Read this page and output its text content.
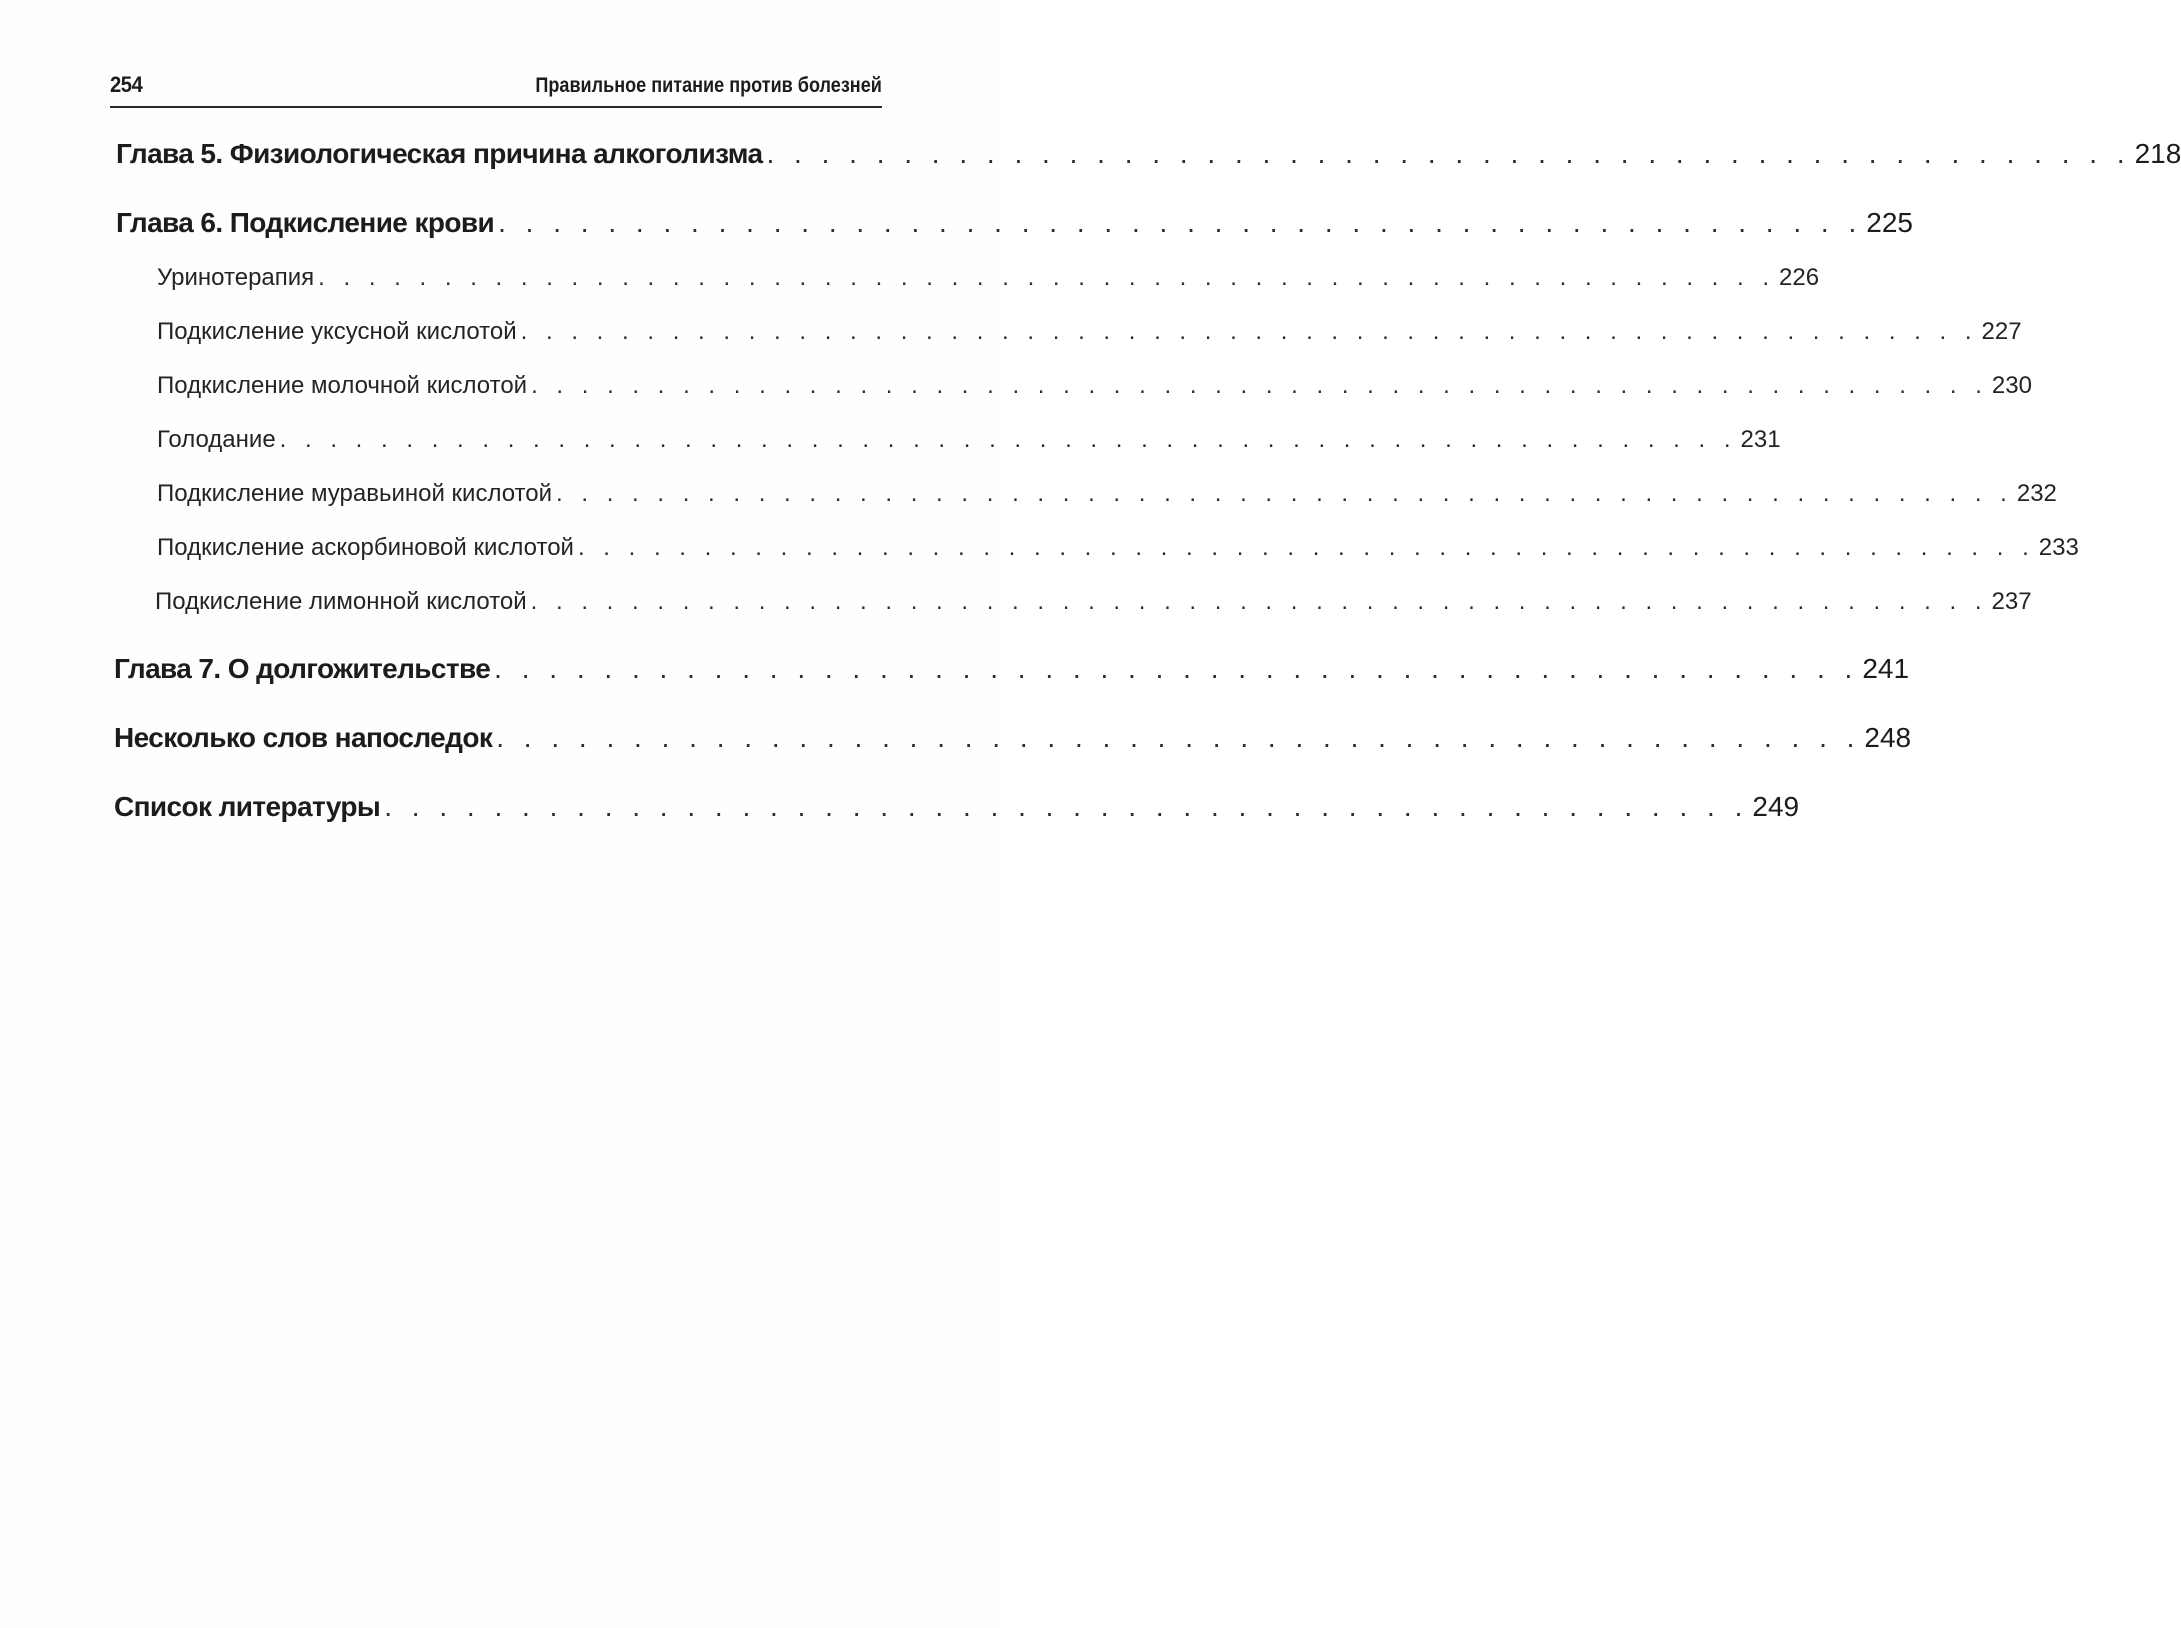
254	Правильное питание против болезней
Глава 5. Физиологическая причина алкоголизма . . . . . . . . . . . . . . . . . . . . . . . . . . . . . . . . . . . . . . . . . . . . . . . . . . 218
Глава 6. Подкисление крови . . . . . . . . . . . . . . . . . . . . . . . . . . . . . . . . . . . . . . . . . . . . . . . . . . 225
Уринотерапия . . . . . . . . . . . . . . . . . . . . . . . . . . . . . . . . . . . . . . . . . . . . . . . . . . . . . . . . . . 226
Подкисление уксусной кислотой . . . . . . . . . . . . . . . . . . . . . . . . . . . . . . . . . . . . . . . . . . . . . . . . . . . . . . . . . . 227
Подкисление молочной кислотой . . . . . . . . . . . . . . . . . . . . . . . . . . . . . . . . . . . . . . . . . . . . . . . . . . . . . . . . . . 230
Голодание . . . . . . . . . . . . . . . . . . . . . . . . . . . . . . . . . . . . . . . . . . . . . . . . . . . . . . . . . . 231
Подкисление муравьиной кислотой . . . . . . . . . . . . . . . . . . . . . . . . . . . . . . . . . . . . . . . . . . . . . . . . . . . . . . . . . . 232
Подкисление аскорбиновой кислотой . . . . . . . . . . . . . . . . . . . . . . . . . . . . . . . . . . . . . . . . . . . . . . . . . . . . . . . . . . 233
Подкисление лимонной кислотой . . . . . . . . . . . . . . . . . . . . . . . . . . . . . . . . . . . . . . . . . . . . . . . . . . . . . . . . . . 237
Глава 7. О долгожительстве . . . . . . . . . . . . . . . . . . . . . . . . . . . . . . . . . . . . . . . . . . . . . . . . . . 241
Несколько слов напоследок . . . . . . . . . . . . . . . . . . . . . . . . . . . . . . . . . . . . . . . . . . . . . . . . . . 248
Список литературы . . . . . . . . . . . . . . . . . . . . . . . . . . . . . . . . . . . . . . . . . . . . . . . . . . 249
